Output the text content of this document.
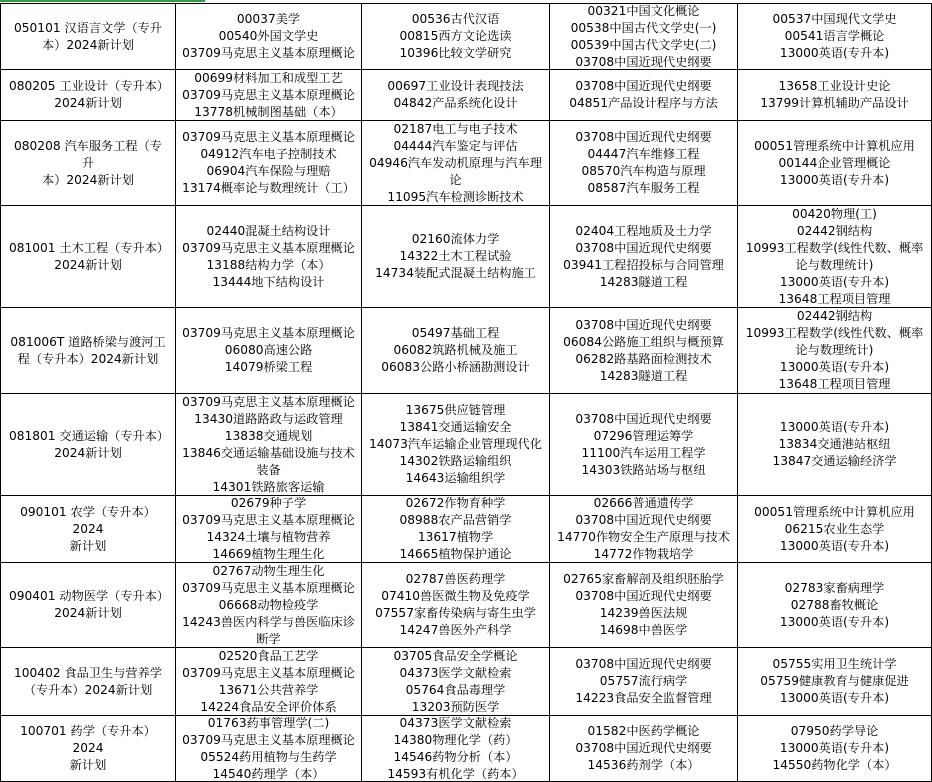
050101 汉语言文学（专升
本）2024新计划
00037美学
00540外国文学史
03709马克思主义基本原理概论
00536古代汉语
00815西方文论选读
10396比较文学研究
00321中国文化概论
00538中国古代文学史(一)
00539中国古代文学史(二)
03708中国近现代史纲要
00537中国现代文学史
00541语言学概论
13000英语(专升本)
080205 工业设计（专升本）
2024新计划
00699材料加工和成型工艺
03709马克思主义基本原理概论
13778机械制图基础（本）
00697工业设计表现技法
04842产品系统化设计
03708中国近现代史纲要
04851产品设计程序与方法
13658工业设计史论
13799计算机辅助产品设计
080208 汽车服务工程（专升
本）2024新计划
03709马克思主义基本原理概论
04912汽车电子控制技术
06904汽车保险与理赔
13174概率论与数理统计（工）
02187电工与电子技术
04444汽车鉴定与评估
04946汽车发动机原理与汽车理论
11095汽车检测诊断技术
03708中国近现代史纲要
04447汽车维修工程
08570汽车构造与原理
08587汽车服务工程
00051管理系统中计算机应用
00144企业管理概论
13000英语(专升本)
081001 土木工程（专升本）
2024新计划
02440混凝土结构设计
03709马克思主义基本原理概论
13188结构力学（本）
13444地下结构设计
02160流体力学
14322土木工程试验
14734装配式混凝土结构施工
02404工程地质及土力学
03708中国近现代史纲要
03941工程招投标与合同管理
14283隧道工程
00420物理(工)
02442钢结构
10993工程数学(线性代数、概率论与数理统计)
13000英语(专升本)
13648工程项目管理
081006T 道路桥梁与渡河工
程（专升本）2024新计划
03709马克思主义基本原理概论
06080高速公路
14079桥梁工程
05497基础工程
06082筑路机械及施工
06083公路小桥涵勘测设计
03708中国近现代史纲要
06084公路施工组织与概预算
06282路基路面检测技术
14283隧道工程
02442钢结构
10993工程数学(线性代数、概率论与数理统计)
13000英语(专升本)
13648工程项目管理
081801 交通运输（专升本）
2024新计划
03709马克思主义基本原理概论
13430道路路政与运政管理
13838交通规划
13846交通运输基础设施与技术装备
14301铁路旅客运输
13675供应链管理
13841交通运输安全
14073汽车运输企业管理现代化
14302铁路运输组织
14643运输组织学
03708中国近现代史纲要
07296管理运筹学
11100汽车运用工程学
14303铁路站场与枢纽
13000英语(专升本)
13834交通港站枢纽
13847交通运输经济学
090101 农学（专升本）2024
新计划
02679种子学
03709马克思主义基本原理概论
14324土壤与植物营养
14669植物生理生化
02672作物育种学
08988农产品营销学
13617植物学
14665植物保护通论
02666普通遗传学
03708中国近现代史纲要
14770作物安全生产原理与技术
14772作物栽培学
00051管理系统中计算机应用
06215农业生态学
13000英语(专升本)
090401 动物医学（专升本）
2024新计划
02767动物生理生化
03709马克思主义基本原理概论
06668动物检疫学
14243兽医内科学与兽医临床诊断学
02787兽医药理学
07410兽医微生物及免疫学
07557家畜传染病与寄生虫学
14247兽医外产科学
02765家畜解剖及组织胚胎学
03708中国近现代史纲要
14239兽医法规
14698中兽医学
02783家畜病理学
02788畜牧概论
13000英语(专升本)
100402 食品卫生与营养学
（专升本）2024新计划
02520食品工艺学
03709马克思主义基本原理概论
13671公共营养学
14224食品安全评价体系
03705食品安全学概论
04373医学文献检索
05764食品毒理学
13203预防医学
03708中国近现代史纲要
05757流行病学
14223食品安全监督管理
05755实用卫生统计学
05759健康教育与健康促进
13000英语(专升本)
100701 药学（专升本）2024
新计划
01763药事管理学(二)
03709马克思主义基本原理概论
05524药用植物与生药学
14540药理学（本）
04373医学文献检索
14380物理化学（药）
14546药物分析（本）
14593有机化学（药本）
01582中医药学概论
03708中国近现代史纲要
14536药剂学（本）
07950药学导论
13000英语(专升本)
14550药物化学（本）
